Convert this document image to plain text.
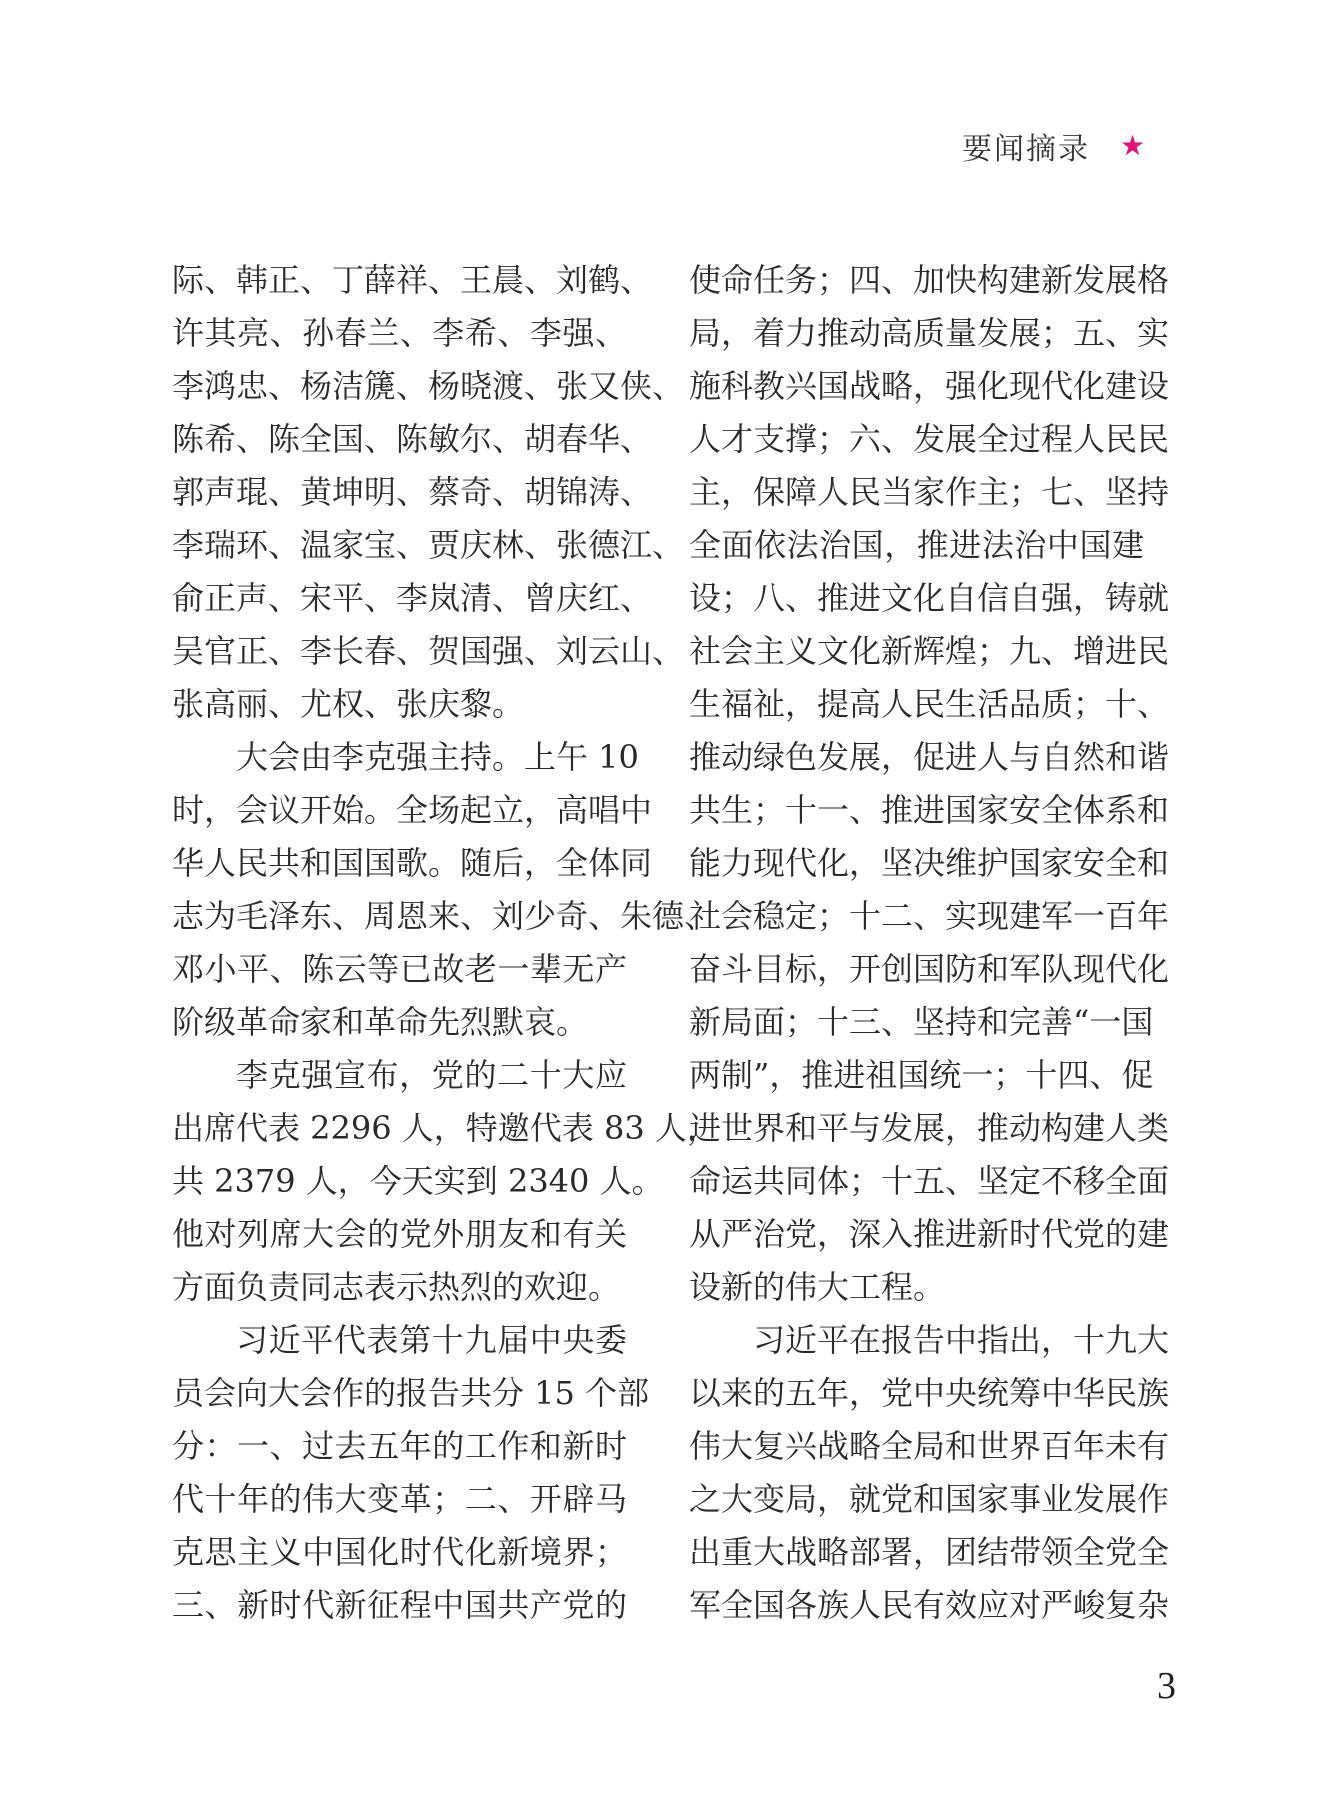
要闻摘录 ★
际、韩正、丁薛祥、王晨、刘鹤、
许其亮、孙春兰、李希、李强、
李鸿忠、杨洁篪、杨晓渡、张又侠、
陈希、陈全国、陈敏尔、胡春华、
郭声琨、黄坤明、蔡奇、胡锦涛、
李瑞环、温家宝、贾庆林、张德江、
俞正声、宋平、李岚清、曾庆红、
吴官正、李长春、贺国强、刘云山、
张高丽、尤权、张庆黎。
大会由李克强主持。上午 10
时，会议开始。全场起立，高唱中
华人民共和国国歌。随后，全体同
志为毛泽东、周恩来、刘少奇、朱德、
邓小平、陈云等已故老一辈无产
阶级革命家和革命先烈默哀。
李克强宣布，党的二十大应
出席代表 2296 人，特邀代表 83 人，
共 2379 人，今天实到 2340 人。
他对列席大会的党外朋友和有关
方面负责同志表示热烈的欢迎。
习近平代表第十九届中央委
员会向大会作的报告共分 15 个部
分：一、过去五年的工作和新时
代十年的伟大变革；二、开辟马
克思主义中国化时代化新境界；
三、新时代新征程中国共产党的
使命任务；四、加快构建新发展格
局，着力推动高质量发展；五、实
施科教兴国战略，强化现代化建设
人才支撑；六、发展全过程人民民
主，保障人民当家作主；七、坚持
全面依法治国，推进法治中国建
设；八、推进文化自信自强，铸就
社会主义文化新辉煌；九、增进民
生福祉，提高人民生活品质；十、
推动绿色发展，促进人与自然和谐
共生；十一、推进国家安全体系和
能力现代化，坚决维护国家安全和
社会稳定；十二、实现建军一百年
奋斗目标，开创国防和军队现代化
新局面；十三、坚持和完善“一国
两制”，推进祖国统一；十四、促
进世界和平与发展，推动构建人类
命运共同体；十五、坚定不移全面
从严治党，深入推进新时代党的建
设新的伟大工程。
习近平在报告中指出，十九大
以来的五年，党中央统筹中华民族
伟大复兴战略全局和世界百年未有
之大变局，就党和国家事业发展作
出重大战略部署，团结带领全党全
军全国各族人民有效应对严峻复杂
3
